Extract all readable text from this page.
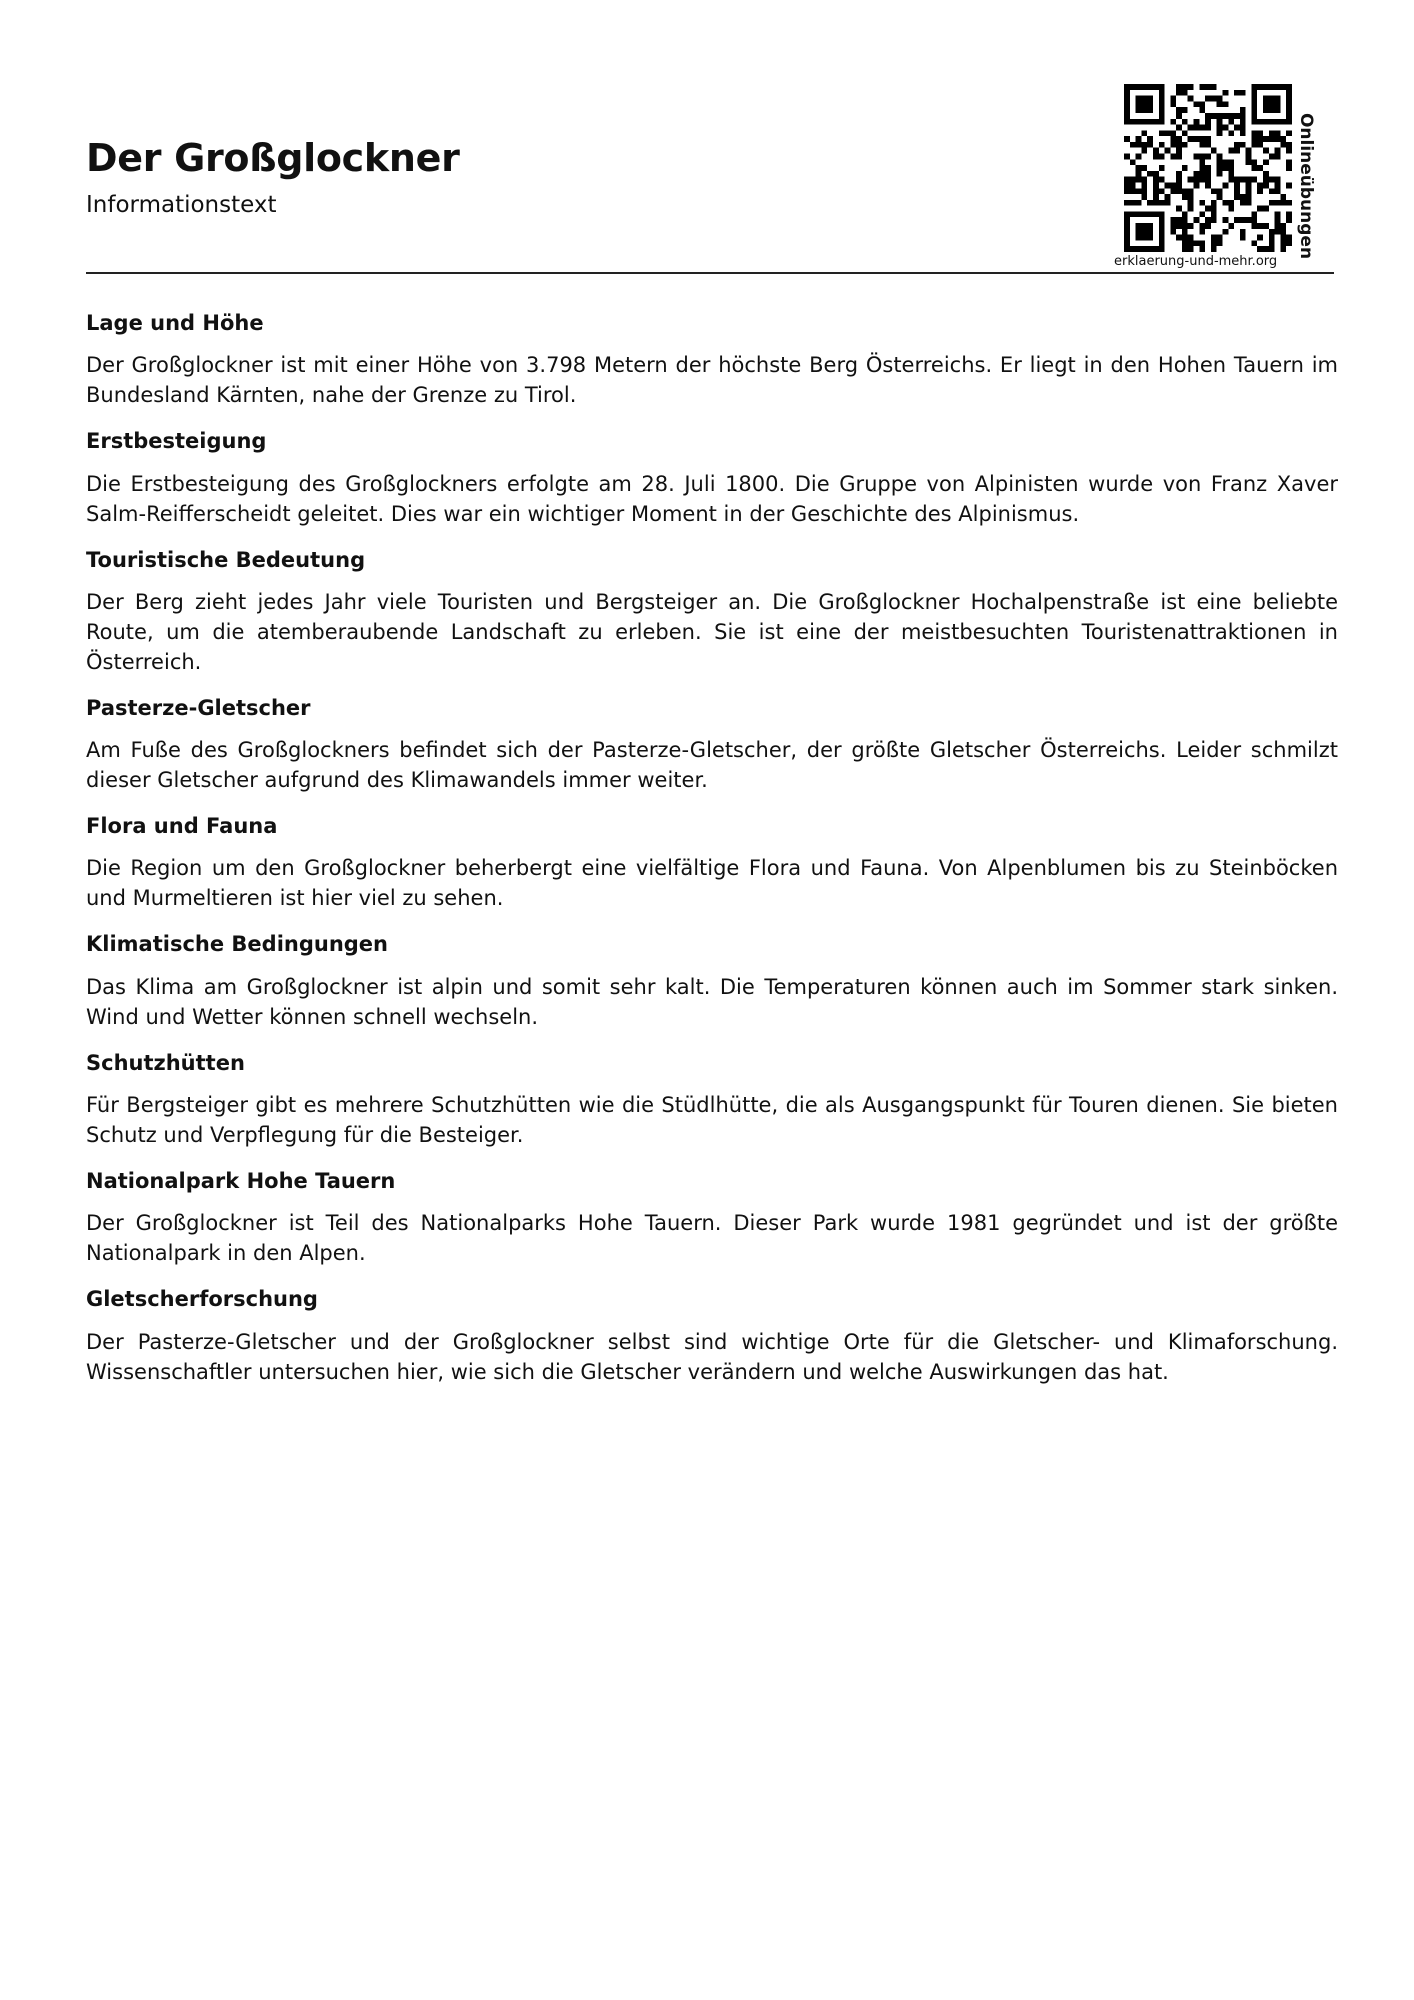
Der Großglockner
Informationstext	Onlineübungen
erklaerung-und-mehr.org
Lage und Höhe

Der Großglockner ist mit einer Höhe von 3.798 Metern der höchste Berg Österreichs. Er liegt in den Hohen Tauern im Bundesland Kärnten, nahe der Grenze zu Tirol.

Erstbesteigung

Die Erstbesteigung des Großglockners erfolgte am 28. Juli 1800. Die Gruppe von Alpinisten wurde von Franz Xaver Salm-Reifferscheidt geleitet. Dies war ein wichtiger Moment in der Geschichte des Alpinismus.

Touristische Bedeutung

Der Berg zieht jedes Jahr viele Touristen und Bergsteiger an. Die Großglockner Hochalpenstraße ist eine beliebte Route, um die atemberaubende Landschaft zu erleben. Sie ist eine der meistbesuchten Touristenattraktionen in Österreich.

Pasterze-Gletscher

Am Fuße des Großglockners befindet sich der Pasterze-Gletscher, der größte Gletscher Österreichs. Leider schmilzt dieser Gletscher aufgrund des Klimawandels immer weiter.

Flora und Fauna

Die Region um den Großglockner beherbergt eine vielfältige Flora und Fauna. Von Alpenblumen bis zu Steinböcken und Murmeltieren ist hier viel zu sehen.

Klimatische Bedingungen

Das Klima am Großglockner ist alpin und somit sehr kalt. Die Temperaturen können auch im Sommer stark sinken. Wind und Wetter können schnell wechseln.

Schutzhütten

Für Bergsteiger gibt es mehrere Schutzhütten wie die Stüdlhütte, die als Ausgangspunkt für Touren dienen. Sie bieten Schutz und Verpflegung für die Besteiger.

Nationalpark Hohe Tauern

Der Großglockner ist Teil des Nationalparks Hohe Tauern. Dieser Park wurde 1981 gegründet und ist der größte Nationalpark in den Alpen.

Gletscherforschung

Der Pasterze-Gletscher und der Großglockner selbst sind wichtige Orte für die Gletscher- und Klimaforschung. Wissenschaftler untersuchen hier, wie sich die Gletscher verändern und welche Auswirkungen das hat.
